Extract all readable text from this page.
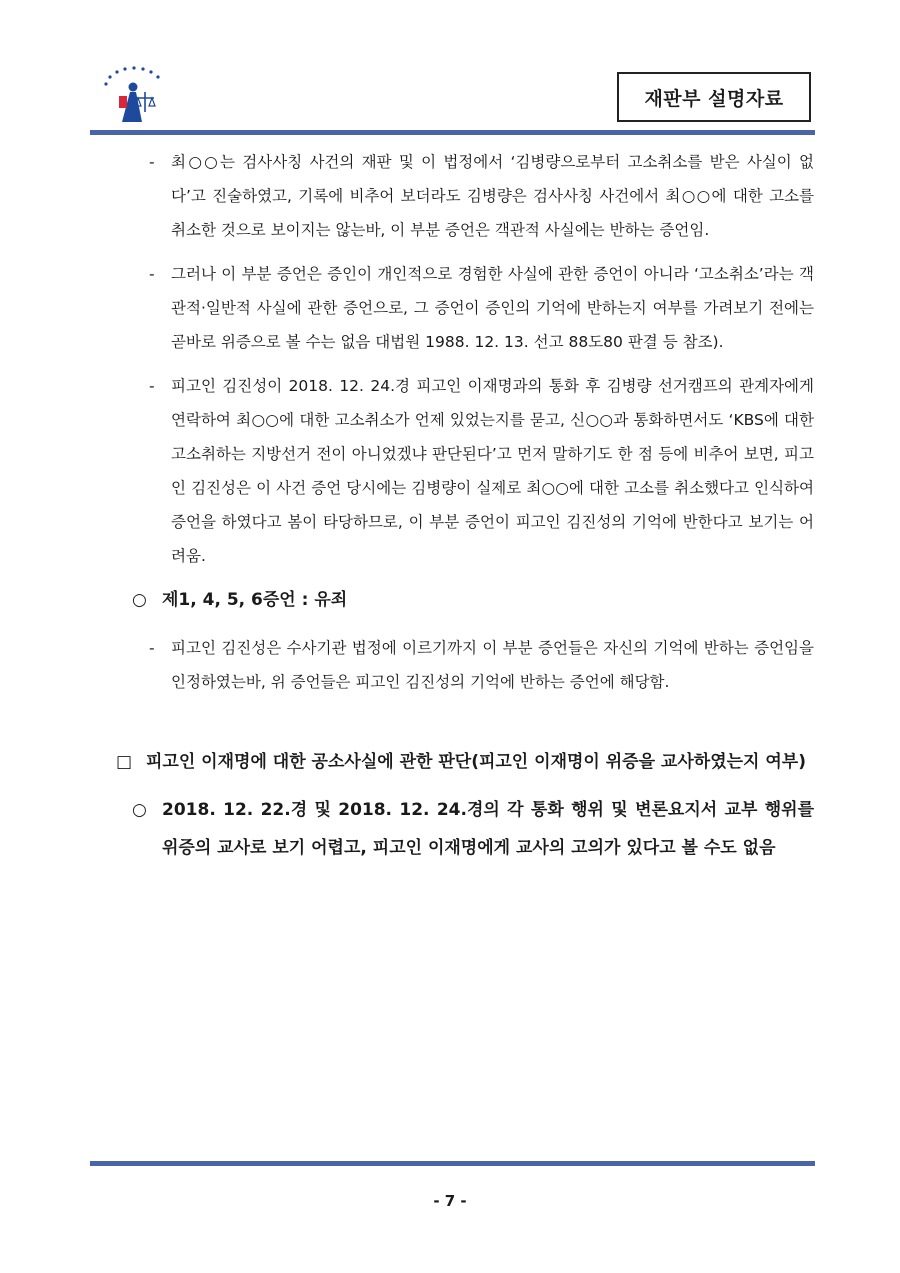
재판부 설명자료
- 최○○는 검사사칭 사건의 재판 및 이 법정에서 ‘김병량으로부터 고소취소를 받은 사실이 없다’고 진술하였고, 기록에 비추어 보더라도 김병량은 검사사칭 사건에서 최○○에 대한 고소를 취소한 것으로 보이지는 않는바, 이 부분 증언은 객관적 사실에는 반하는 증언임.
- 그러나 이 부분 증언은 증인이 개인적으로 경험한 사실에 관한 증언이 아니라 ‘고소취소’라는 객관적·일반적 사실에 관한 증언으로, 그 증언이 증인의 기억에 반하는지 여부를 가려보기 전에는 곧바로 위증으로 볼 수는 없음 대법원 1988. 12. 13. 선고 88도80 판결 등 참조).
- 피고인 김진성이 2018. 12. 24.경 피고인 이재명과의 통화 후 김병량 선거캠프의 관계자에게 연락하여 최○○에 대한 고소취소가 언제 있었는지를 묻고, 신○○과 통화하면서도 ‘KBS에 대한 고소취하는 지방선거 전이 아니었겠냐 판단된다’고 먼저 말하기도 한 점 등에 비추어 보면, 피고인 김진성은 이 사건 증언 당시에는 김병량이 실제로 최○○에 대한 고소를 취소했다고 인식하여 증언을 하였다고 봄이 타당하므로, 이 부분 증언이 피고인 김진성의 기억에 반한다고 보기는 어려움.
○ 제1, 4, 5, 6증언 : 유죄
- 피고인 김진성은 수사기관 법정에 이르기까지 이 부분 증언들은 자신의 기억에 반하는 증언임을 인정하였는바, 위 증언들은 피고인 김진성의 기억에 반하는 증언에 해당함.
□ 피고인 이재명에 대한 공소사실에 관한 판단(피고인 이재명이 위증을 교사하였는지 여부)
○ 2018. 12. 22.경 및 2018. 12. 24.경의 각 통화 행위 및 변론요지서 교부 행위를 위증의 교사로 보기 어렵고, 피고인 이재명에게 교사의 고의가 있다고 볼 수도 없음
- 7 -
